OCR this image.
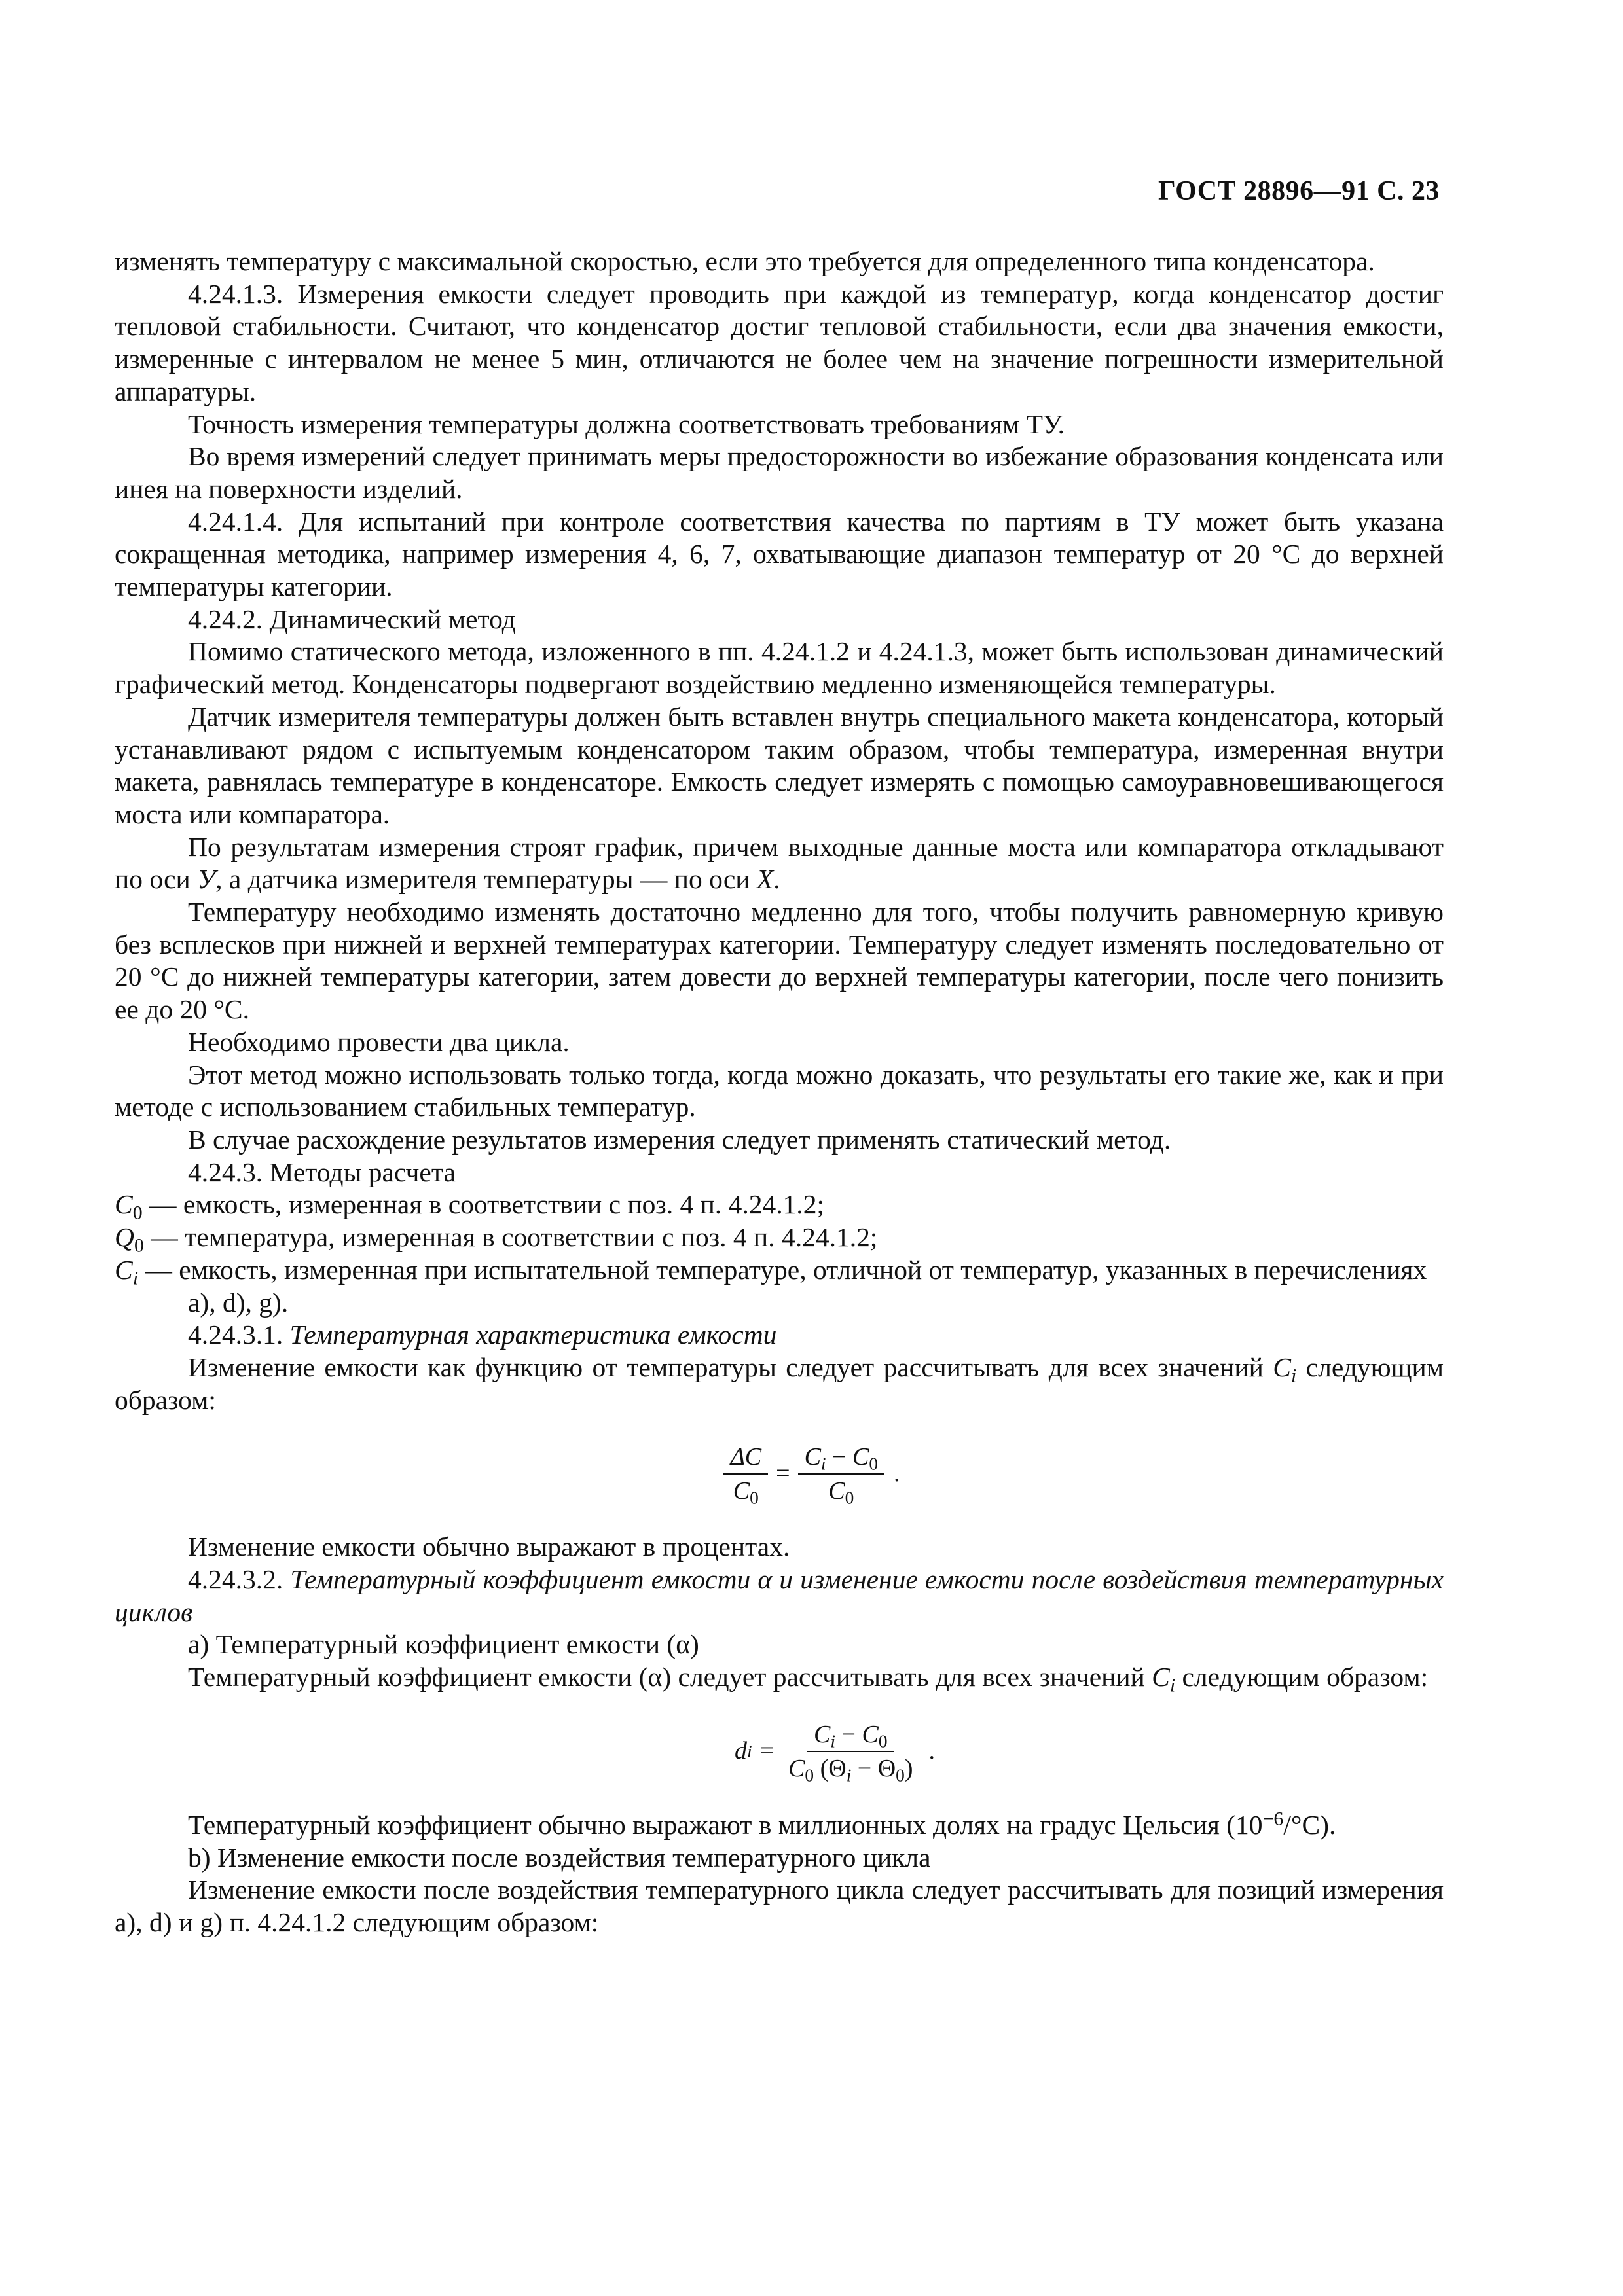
ГОСТ 28896—91 С. 23

изменять температуру с максимальной скоростью, если это требуется для определенного типа конденсатора.

4.24.1.3. Измерения емкости следует проводить при каждой из температур, когда конденсатор достиг тепловой стабильности. Считают, что конденсатор достиг тепловой стабильности, если два значения емкости, измеренные с интервалом не менее 5 мин, отличаются не более чем на значение погрешности измерительной аппаратуры.

Точность измерения температуры должна соответствовать требованиям ТУ.

Во время измерений следует принимать меры предосторожности во избежание образования конденсата или инея на поверхности изделий.

4.24.1.4. Для испытаний при контроле соответствия качества по партиям в ТУ может быть указана сокращенная методика, например измерения 4, 6, 7, охватывающие диапазон температур от 20 °С до верхней температуры категории.

4.24.2. Динамический метод

Помимо статического метода, изложенного в пп. 4.24.1.2 и 4.24.1.3, может быть использован динамический графический метод. Конденсаторы подвергают воздействию медленно изменяющейся температуры.

Датчик измерителя температуры должен быть вставлен внутрь специального макета конденсатора, который устанавливают рядом с испытуемым конденсатором таким образом, чтобы температура, измеренная внутри макета, равнялась температуре в конденсаторе. Емкость следует измерять с помощью самоуравновешивающегося моста или компаратора.

По результатам измерения строят график, причем выходные данные моста или компаратора откладывают по оси У, а датчика измерителя температуры — по оси X.

Температуру необходимо изменять достаточно медленно для того, чтобы получить равномерную кривую без всплесков при нижней и верхней температурах категории. Температуру следует изменять последовательно от 20 °С до нижней температуры категории, затем довести до верхней температуры категории, после чего понизить ее до 20 °С.

Необходимо провести два цикла.

Этот метод можно использовать только тогда, когда можно доказать, что результаты его такие же, как и при методе с использованием стабильных температур.

В случае расхождение результатов измерения следует применять статический метод.

4.24.3. Методы расчета

$C_0$ — емкость, измеренная в соответствии с поз. 4 п. 4.24.1.2;

$Q_0$ — температура, измеренная в соответствии с поз. 4 п. 4.24.1.2;

$C_i$ — емкость, измеренная при испытательной температуре, отличной от температур, указанных в перечислениях а), d), g).

4.24.3.1. Температурная характеристика емкости

Изменение емкости как функцию от температуры следует рассчитывать для всех значений $C_i$ следующим образом:

$\frac{\Delta C}{C_0} = \frac{C_i - C_0}{C_0}$ .

Изменение емкости обычно выражают в процентах.

4.24.3.2. Температурный коэффициент емкости α и изменение емкости после воздействия температурных циклов

а) Температурный коэффициент емкости (α)

Температурный коэффициент емкости (α) следует рассчитывать для всех значений $C_i$ следующим образом:

d $i = \frac{C_i - C_0}{C_0 (\Theta_i - \Theta_0)}$ .

Температурный коэффициент обычно выражают в миллионных долях на градус Цельсия $(10^{-6}/^\circ С)$.

b) Изменение емкости после воздействия температурного цикла

Изменение емкости после воздействия температурного цикла следует рассчитывать для позиций измерения а), d) и g) п. 4.24.1.2 следующим образом:
